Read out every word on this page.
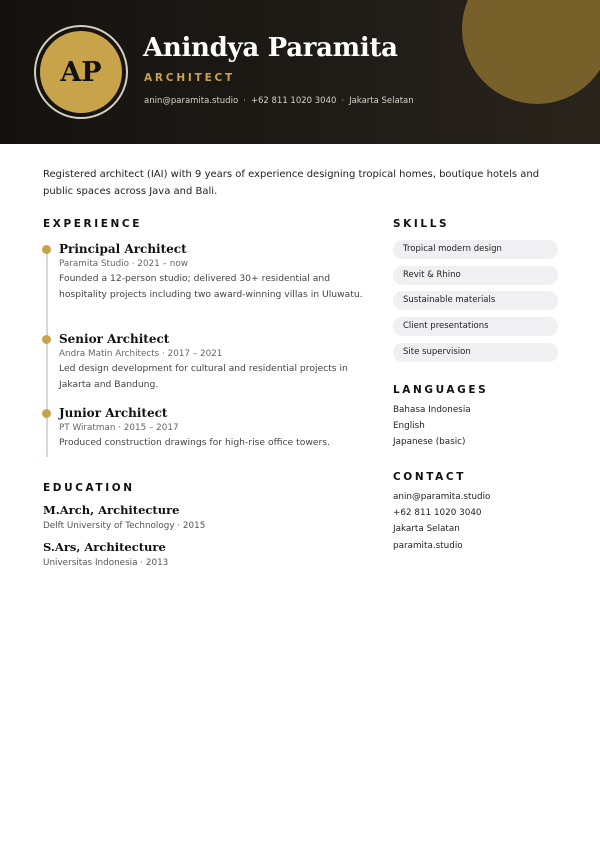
AP
Anindya Paramita
ARCHITECT
anin@paramita.studio · +62 811 1020 3040 · Jakarta Selatan
Registered architect (IAI) with 9 years of experience designing tropical homes, boutique hotels and public spaces across Java and Bali.
EXPERIENCE
Principal Architect
Paramita Studio · 2021 – now
Founded a 12-person studio; delivered 30+ residential and hospitality projects including two award-winning villas in Uluwatu.
Senior Architect
Andra Matin Architects · 2017 – 2021
Led design development for cultural and residential projects in Jakarta and Bandung.
Junior Architect
PT Wiratman · 2015 – 2017
Produced construction drawings for high-rise office towers.
EDUCATION
M.Arch, Architecture
Delft University of Technology · 2015
S.Ars, Architecture
Universitas Indonesia · 2013
SKILLS
Tropical modern design
Revit & Rhino
Sustainable materials
Client presentations
Site supervision
LANGUAGES
Bahasa Indonesia
English
Japanese (basic)
CONTACT
anin@paramita.studio
+62 811 1020 3040
Jakarta Selatan
paramita.studio
